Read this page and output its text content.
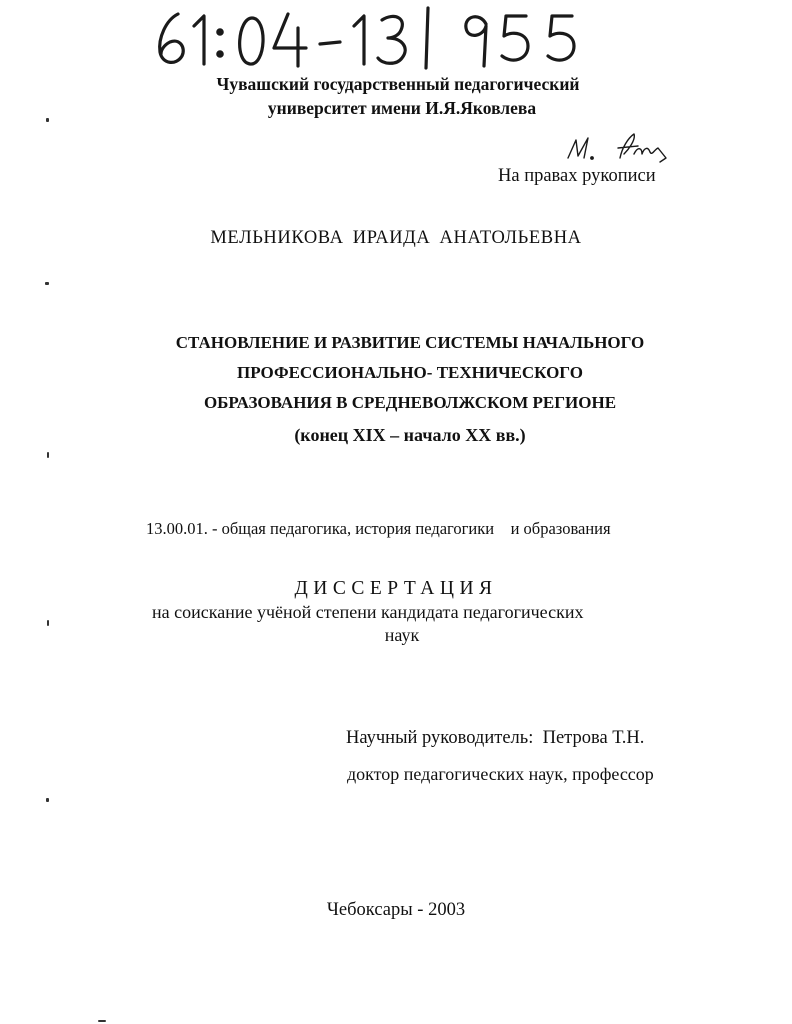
Чувашский государственный педагогический
университет имени И.Я.Яковлева
На правах рукописи
МЕЛЬНИКОВА ИРАИДА АНАТОЛЬЕВНА
СТАНОВЛЕНИЕ И РАЗВИТИЕ СИСТЕМЫ НАЧАЛЬНОГО
ПРОФЕССИОНАЛЬНО- ТЕХНИЧЕСКОГО
ОБРАЗОВАНИЯ В СРЕДНЕВОЛЖСКОМ РЕГИОНЕ
(конец XIX – начало XX вв.)
13.00.01. - общая педагогика, история педагогики    и образования
ДИССЕРТАЦИЯ
на соискание учёной степени кандидата педагогических
наук
Научный руководитель:  Петрова Т.Н.
доктор педагогических наук, профессор
Чебоксары - 2003
